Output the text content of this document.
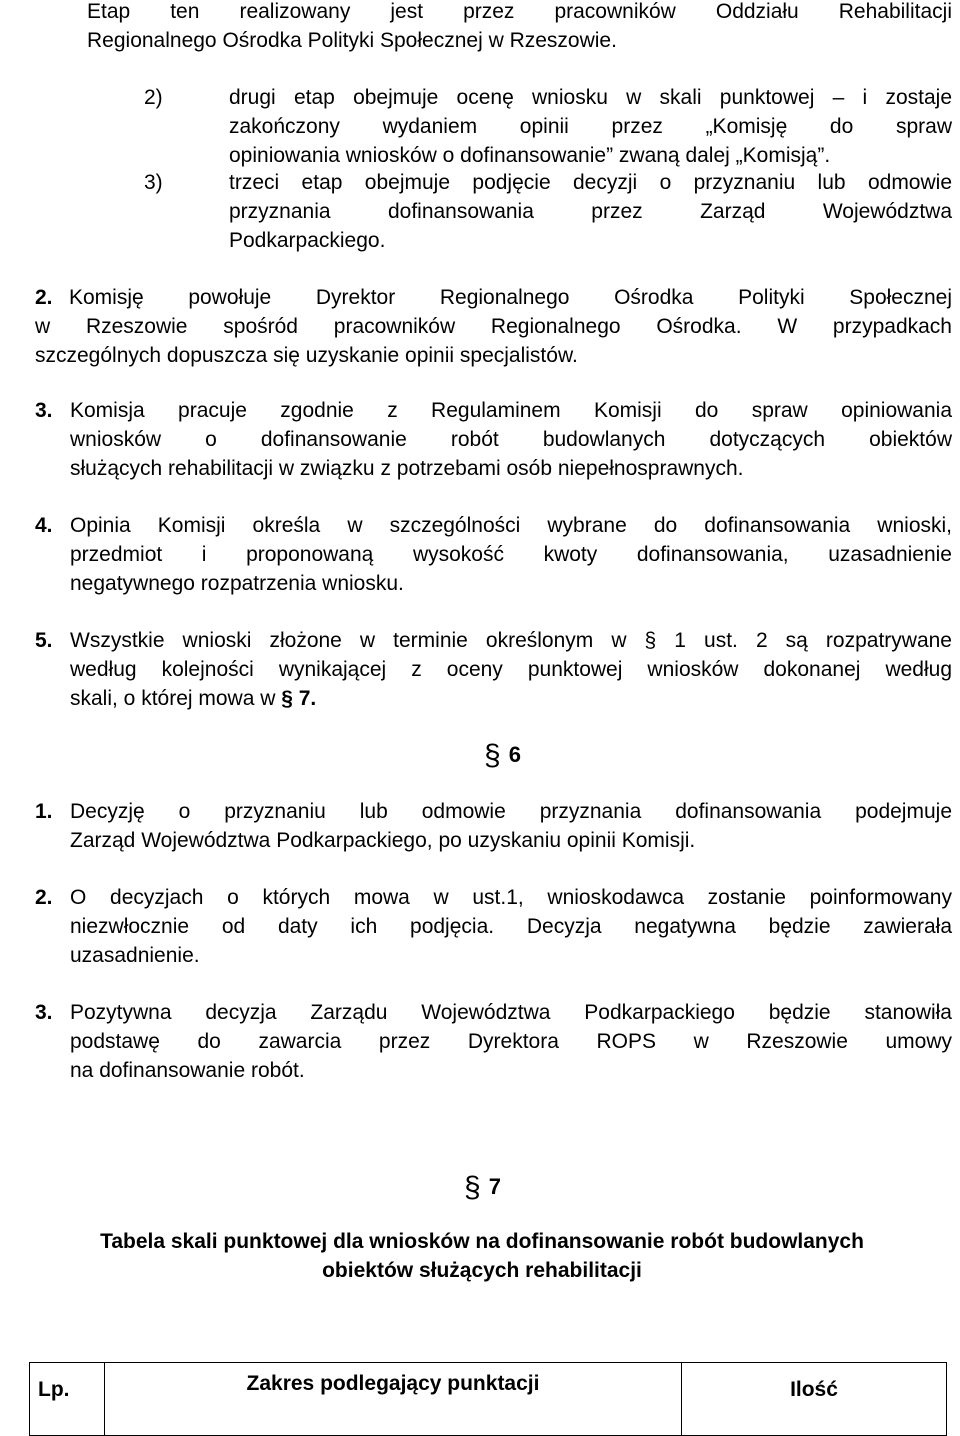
Etap ten realizowany jest przez pracowników Oddziału Rehabilitacji
Regionalnego Ośrodka Polityki Społecznej w Rzeszowie.
2)	drugi etap obejmuje ocenę wniosku w skali punktowej – i zostaje
zakończony wydaniem opinii przez „Komisję do spraw
opiniowania wniosków o dofinansowanie” zwaną dalej „Komisją”.
3)	trzeci etap obejmuje podjęcie decyzji o przyznaniu lub odmowie
przyznania dofinansowania przez Zarząd Województwa
Podkarpackiego.
2. Komisję powołuje Dyrektor Regionalnego Ośrodka Polityki Społecznej
w Rzeszowie spośród pracowników Regionalnego Ośrodka. W przypadkach
szczególnych dopuszcza się uzyskanie opinii specjalistów.
3. Komisja pracuje zgodnie z Regulaminem Komisji do spraw opiniowania
wniosków o dofinansowanie robót budowlanych dotyczących obiektów
służących rehabilitacji w związku z potrzebami osób niepełnosprawnych.
4. Opinia Komisji określa w szczególności wybrane do dofinansowania wnioski,
przedmiot i proponowaną wysokość kwoty dofinansowania, uzasadnienie
negatywnego rozpatrzenia wniosku.
5. Wszystkie wnioski złożone w terminie określonym w § 1 ust. 2 są rozpatrywane
według kolejności wynikającej z oceny punktowej wniosków dokonanej według
skali, o której mowa w § 7.
§ 6
1. Decyzję o przyznaniu lub odmowie przyznania dofinansowania podejmuje
Zarząd Województwa Podkarpackiego, po uzyskaniu opinii Komisji.
2. O decyzjach o których mowa w ust.1, wnioskodawca zostanie poinformowany
niezwłocznie od daty ich podjęcia. Decyzja negatywna będzie zawierała
uzasadnienie.
3. Pozytywna decyzja Zarządu Województwa Podkarpackiego będzie stanowiła
podstawę do zawarcia przez Dyrektora ROPS w Rzeszowie umowy
na dofinansowanie robót.
§ 7
Tabela skali punktowej dla wniosków na dofinansowanie robót budowlanych
obiektów służących rehabilitacji
Lp.	Zakres podlegający punktacji	Ilość
